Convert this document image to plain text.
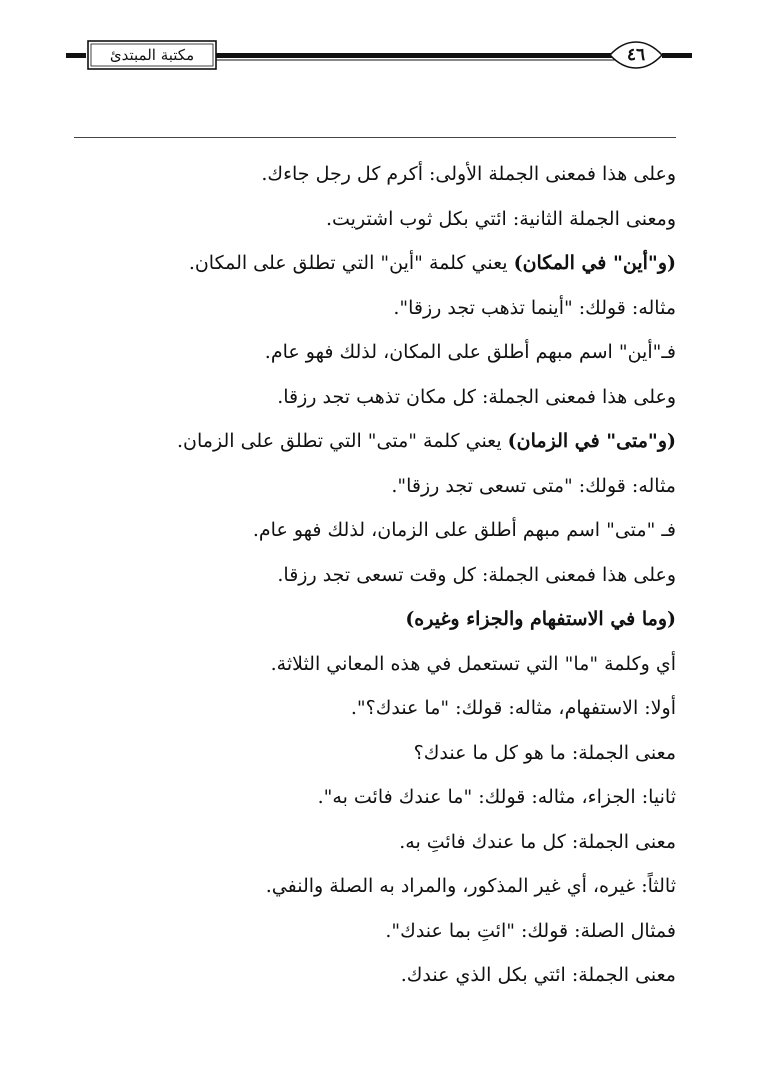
مكتبة المبتدئ	٤٦
وعلى هذا فمعنى الجملة الأولى: أكرم كل رجل جاءك.
ومعنى الجملة الثانية: ائتي بكل ثوب اشتريت.
(و"أين" في المكان) يعني كلمة "أين" التي تطلق على المكان.
مثاله: قولك: "أينما تذهب تجد رزقا".
فـ"أين" اسم مبهم أطلق على المكان، لذلك فهو عام.
وعلى هذا فمعنى الجملة: كل مكان تذهب تجد رزقا.
(و"متى" في الزمان) يعني كلمة "متى" التي تطلق على الزمان.
مثاله: قولك: "متى تسعى تجد رزقا".
فـ "متى" اسم مبهم أطلق على الزمان، لذلك فهو عام.
وعلى هذا فمعنى الجملة: كل وقت تسعى تجد رزقا.
(وما في الاستفهام والجزاء وغيره)
أي وكلمة "ما" التي تستعمل في هذه المعاني الثلاثة.
أولا: الاستفهام، مثاله: قولك: "ما عندك؟".
معنى الجملة: ما هو كل ما عندك؟
ثانيا: الجزاء، مثاله: قولك: "ما عندك فائت به".
معنى الجملة: كل ما عندك فائتِ به.
ثالثاً: غيره، أي غير المذكور، والمراد به الصلة والنفي.
فمثال الصلة: قولك: "ائتِ بما عندك".
معنى الجملة: ائتي بكل الذي عندك.
